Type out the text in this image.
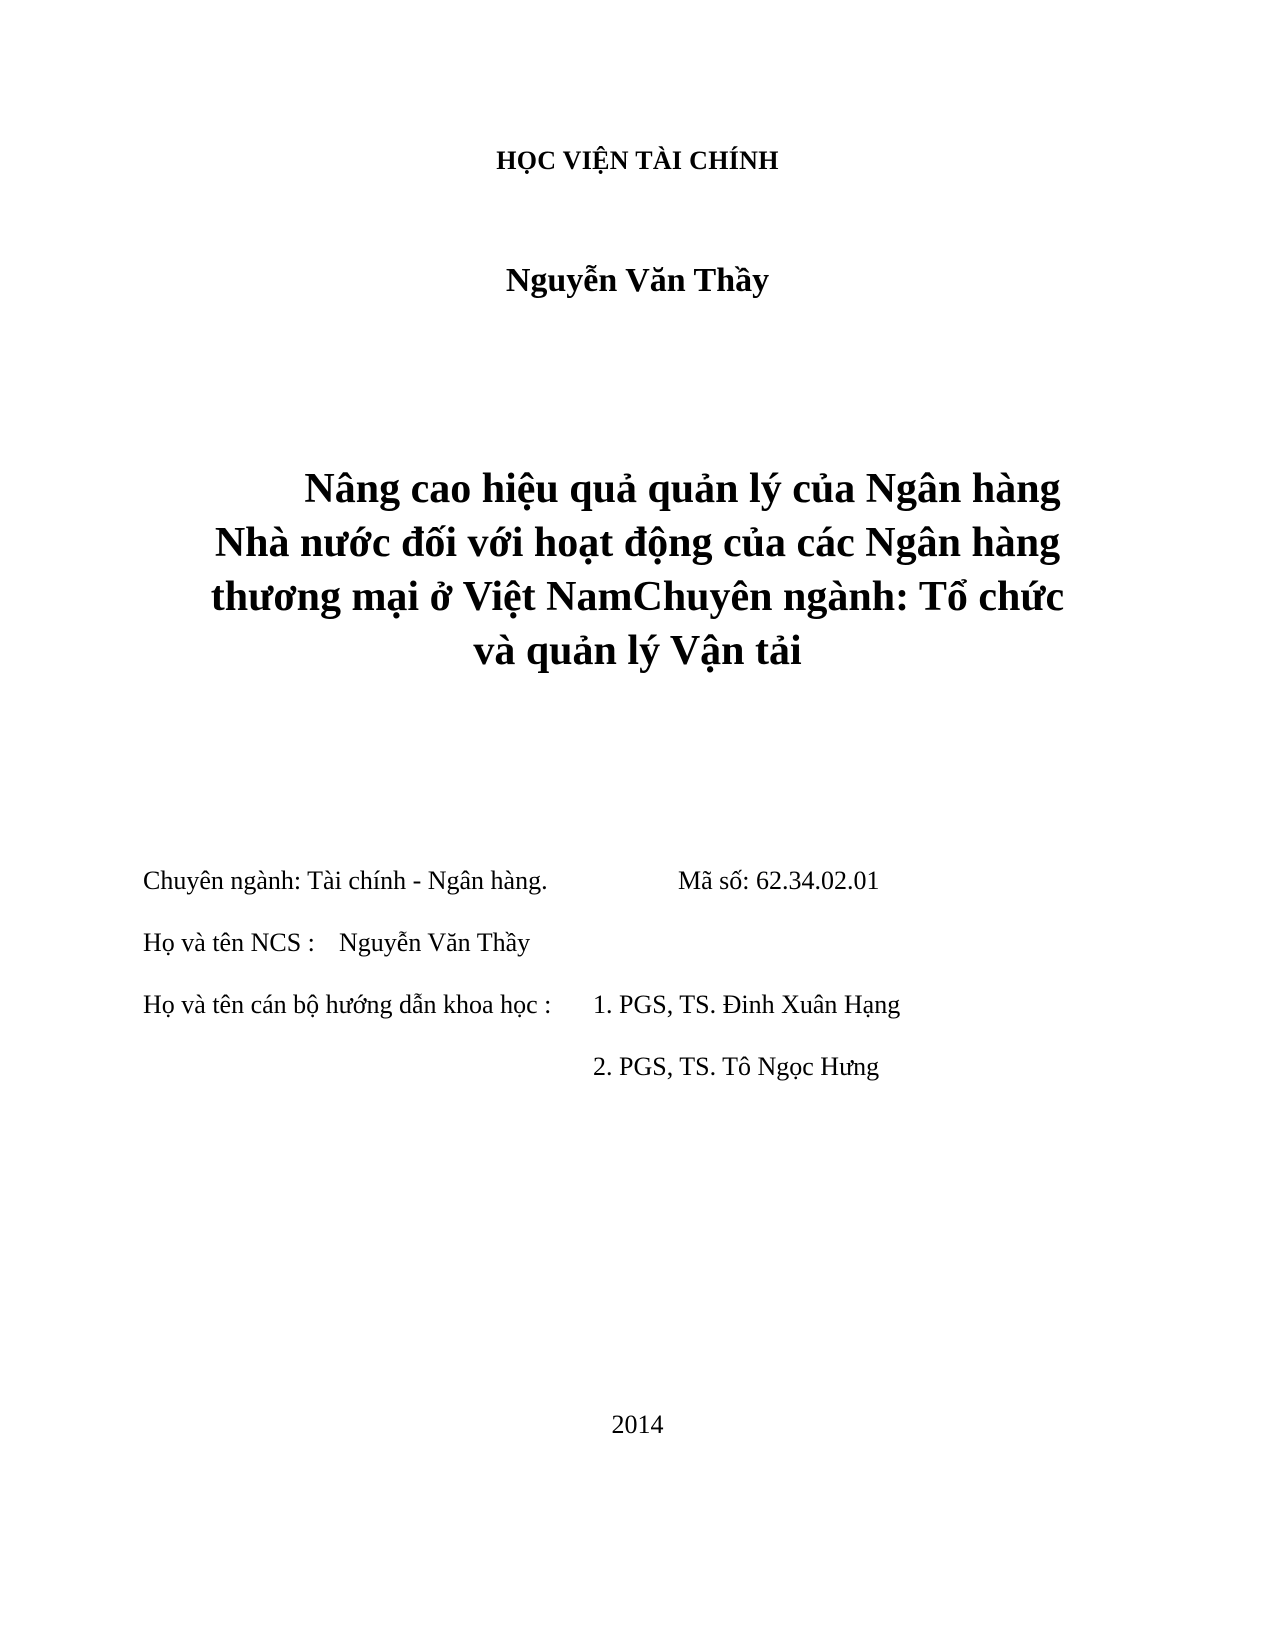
HỌC VIỆN TÀI CHÍNH
Nguyễn Văn Thầy
Nâng cao hiệu quả quản lý của Ngân hàng
Nhà nước đối với hoạt động của các Ngân hàng
thương mại ở Việt NamChuyên ngành: Tổ chức
và quản lý Vận tải
Chuyên ngành: Tài chính - Ngân hàng.	Mã số: 62.34.02.01
Họ và tên NCS : Nguyễn Văn Thầy
Họ và tên cán bộ hướng dẫn khoa học : 1. PGS, TS. Đinh Xuân Hạng
2. PGS, TS. Tô Ngọc Hưng
2014
